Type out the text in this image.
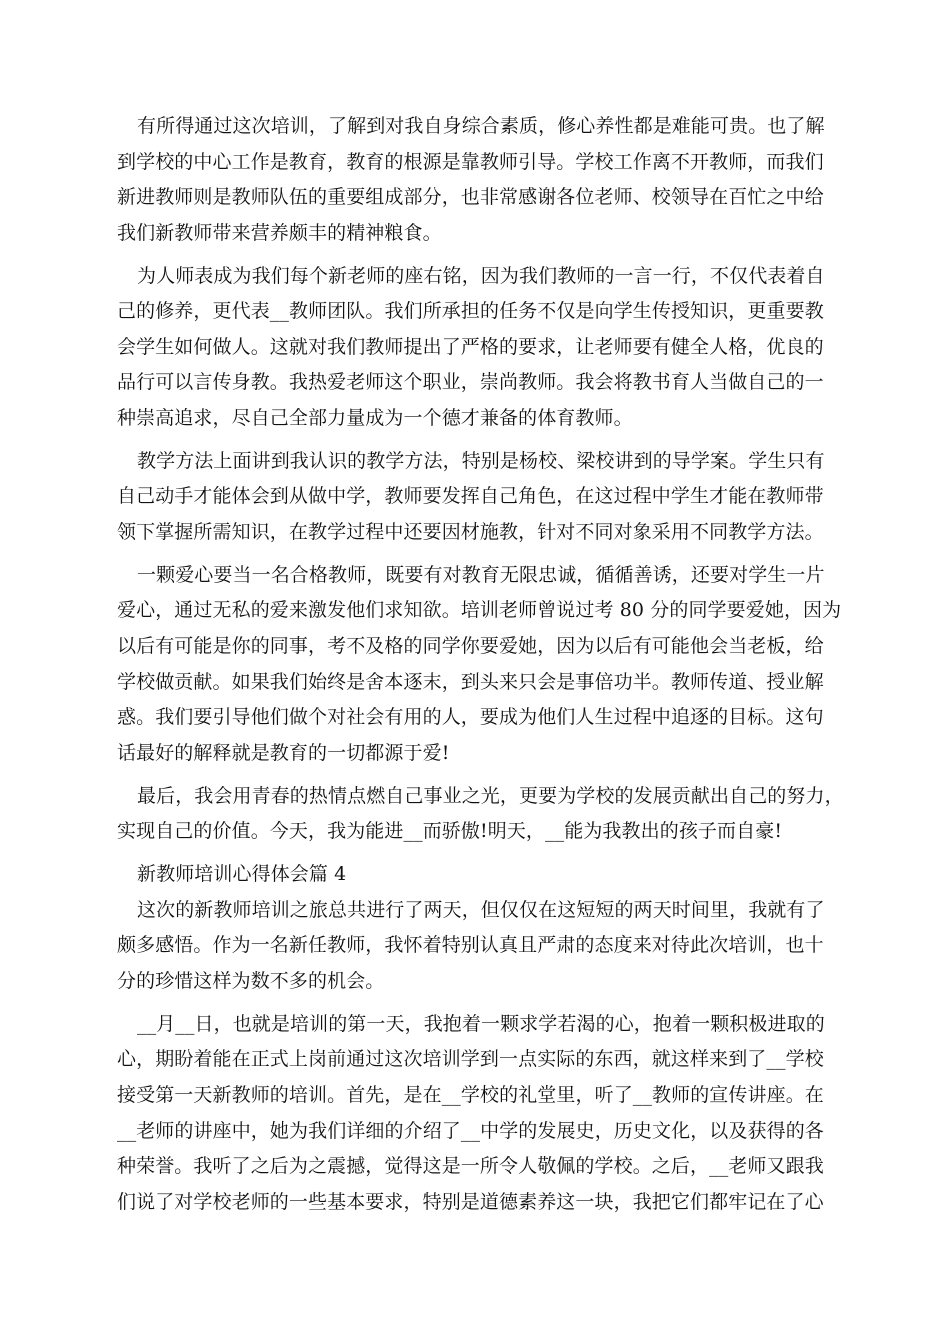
有所得通过这次培训，了解到对我自身综合素质，修心养性都是难能可贵。也了解
到学校的中心工作是教育，教育的根源是靠教师引导。学校工作离不开教师，而我们
新进教师则是教师队伍的重要组成部分，也非常感谢各位老师、校领导在百忙之中给
我们新教师带来营养颇丰的精神粮食。
为人师表成为我们每个新老师的座右铭，因为我们教师的一言一行，不仅代表着自
己的修养，更代表__教师团队。我们所承担的任务不仅是向学生传授知识，更重要教
会学生如何做人。这就对我们教师提出了严格的要求，让老师要有健全人格，优良的
品行可以言传身教。我热爱老师这个职业，崇尚教师。我会将教书育人当做自己的一
种崇高追求，尽自己全部力量成为一个德才兼备的体育教师。
教学方法上面讲到我认识的教学方法，特别是杨校、梁校讲到的导学案。学生只有
自己动手才能体会到从做中学，教师要发挥自己角色，在这过程中学生才能在教师带
领下掌握所需知识，在教学过程中还要因材施教，针对不同对象采用不同教学方法。
一颗爱心要当一名合格教师，既要有对教育无限忠诚，循循善诱，还要对学生一片
爱心，通过无私的爱来激发他们求知欲。培训老师曾说过考 80 分的同学要爱她，因为
以后有可能是你的同事，考不及格的同学你要爱她，因为以后有可能他会当老板，给
学校做贡献。如果我们始终是舍本逐末，到头来只会是事倍功半。教师传道、授业解
惑。我们要引导他们做个对社会有用的人，要成为他们人生过程中追逐的目标。这句
话最好的解释就是教育的一切都源于爱!
最后，我会用青春的热情点燃自己事业之光，更要为学校的发展贡献出自己的努力，
实现自己的价值。今天，我为能进__而骄傲!明天，__能为我教出的孩子而自豪!
新教师培训心得体会篇 4
这次的新教师培训之旅总共进行了两天，但仅仅在这短短的两天时间里，我就有了
颇多感悟。作为一名新任教师，我怀着特别认真且严肃的态度来对待此次培训，也十
分的珍惜这样为数不多的机会。
__月__日，也就是培训的第一天，我抱着一颗求学若渴的心，抱着一颗积极进取的
心，期盼着能在正式上岗前通过这次培训学到一点实际的东西，就这样来到了__学校
接受第一天新教师的培训。首先，是在__学校的礼堂里，听了__教师的宣传讲座。在
__老师的讲座中，她为我们详细的介绍了__中学的发展史，历史文化，以及获得的各
种荣誉。我听了之后为之震撼，觉得这是一所令人敬佩的学校。之后，__老师又跟我
们说了对学校老师的一些基本要求，特别是道德素养这一块，我把它们都牢记在了心
